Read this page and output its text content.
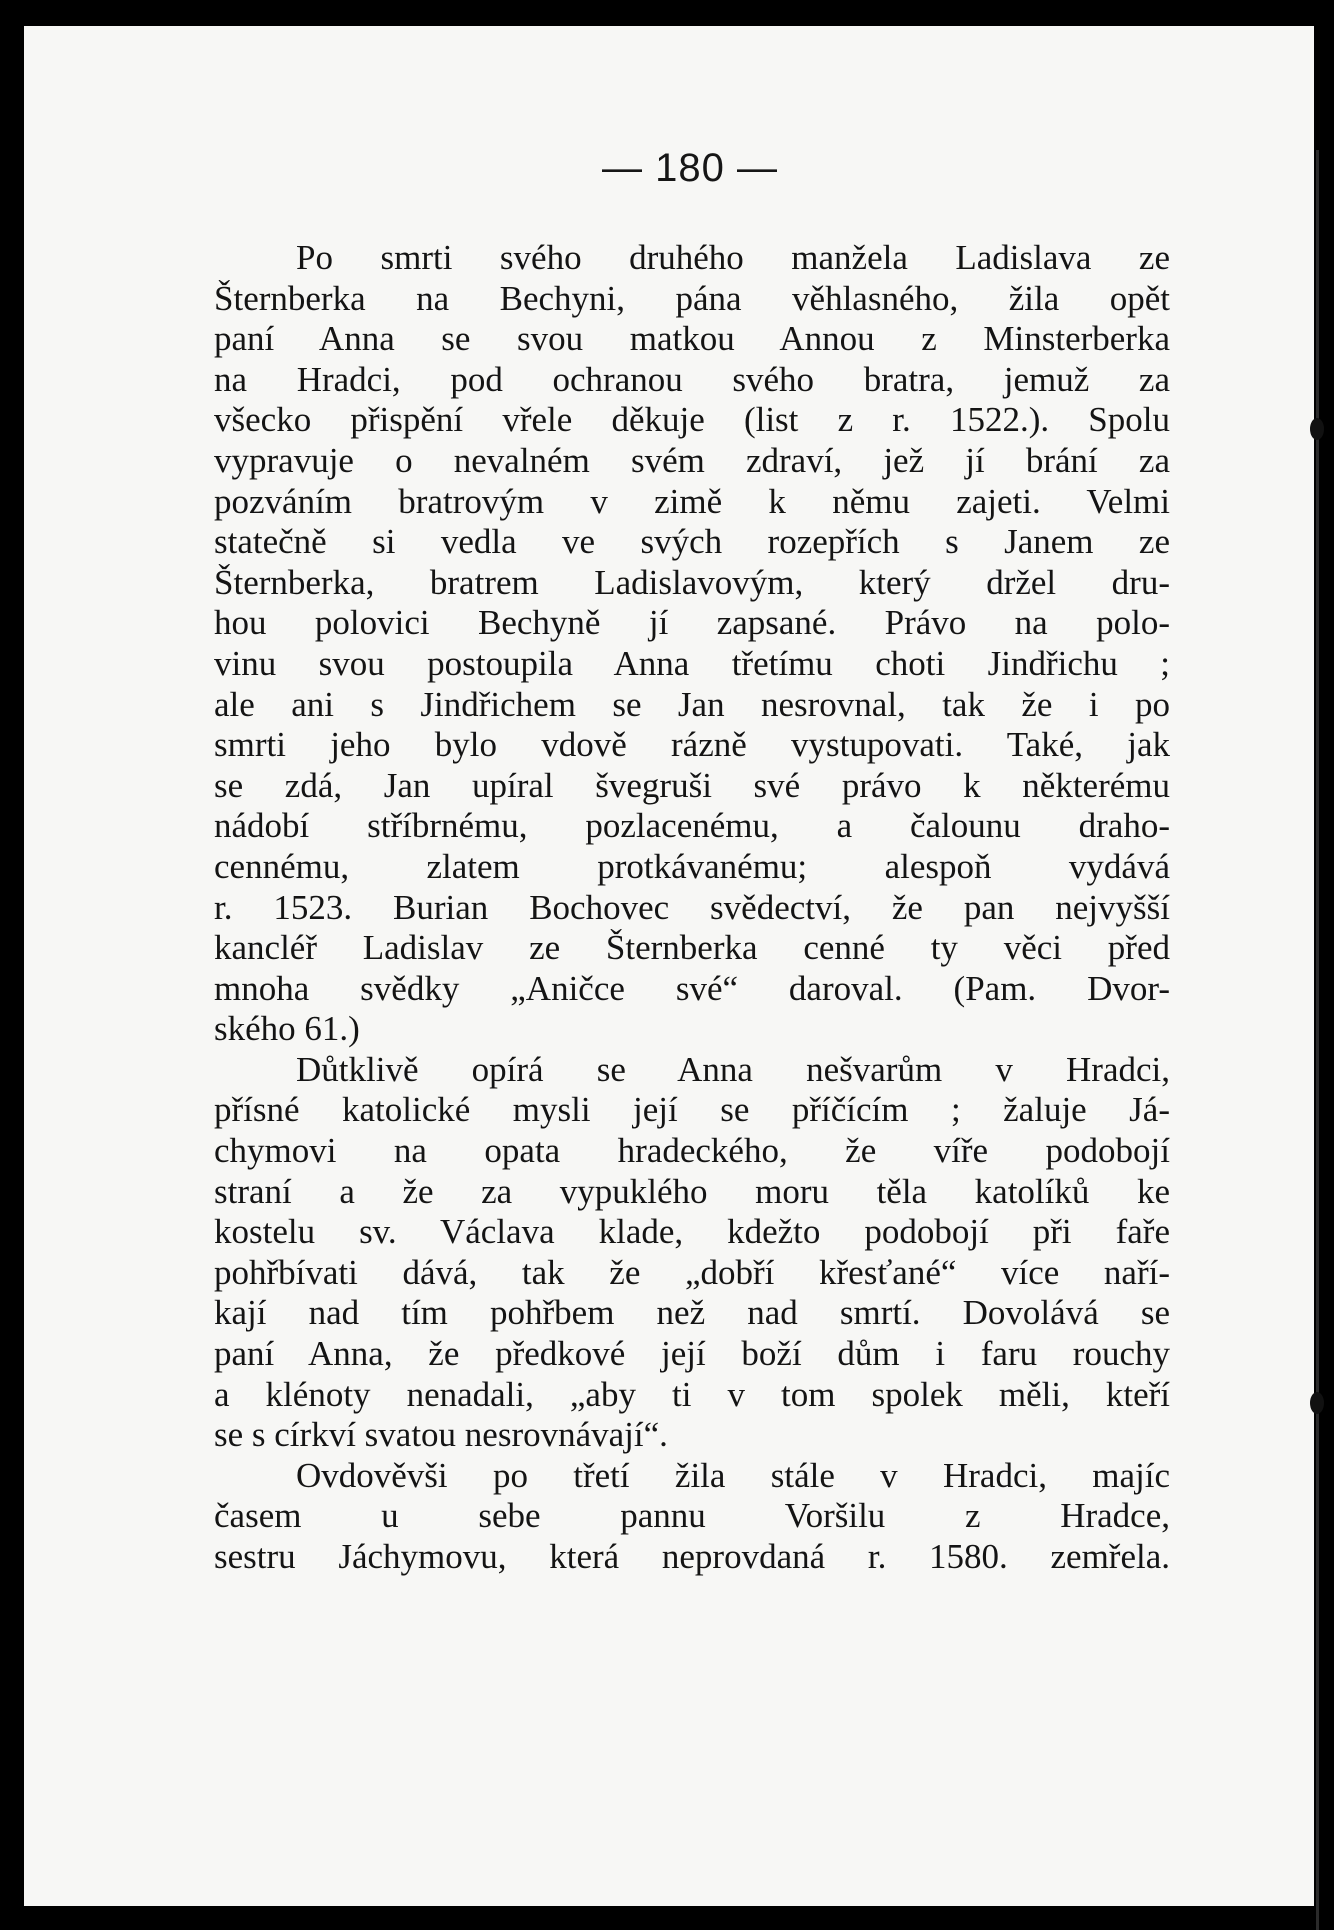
— 180 —
Po smrti svého druhého manžela Ladislava ze
Šternberka na Bechyni, pána věhlasného, žila opět
paní Anna se svou matkou Annou z Minsterberka
na Hradci, pod ochranou svého bratra, jemuž za
všecko přispění vřele děkuje (list z r. 1522.). Spolu
vypravuje o nevalném svém zdraví, jež jí brání za
pozváním bratrovým v zimě k němu zajeti. Velmi
statečně si vedla ve svých rozepřích s Janem ze
Šternberka, bratrem Ladislavovým, který držel dru-
hou polovici Bechyně jí zapsané. Právo na polo-
vinu svou postoupila Anna třetímu choti Jindřichu ;
ale ani s Jindřichem se Jan nesrovnal, tak že i po
smrti jeho bylo vdově rázně vystupovati. Také, jak
se zdá, Jan upíral švegruši své právo k některému
nádobí stříbrnému, pozlacenému, a čalounu draho-
cennému, zlatem protkávanému; alespoň vydává
r. 1523. Burian Bochovec svědectví, že pan nejvyšší
kancléř Ladislav ze Šternberka cenné ty věci před
mnoha svědky „Aničce své“ daroval. (Pam. Dvor-
ského 61.)
Důtklivě opírá se Anna nešvarům v Hradci,
přísné katolické mysli její se příčícím ; žaluje Já-
chymovi na opata hradeckého, že víře podobojí
straní a že za vypuklého moru těla katolíků ke
kostelu sv. Václava klade, kdežto podobojí při faře
pohřbívati dává, tak že „dobří křesťané“ více naří-
kají nad tím pohřbem než nad smrtí. Dovolává se
paní Anna, že předkové její boží dům i faru rouchy
a klénoty nenadali, „aby ti v tom spolek měli, kteří
se s církví svatou nesrovnávají“.
Ovdověvši po třetí žila stále v Hradci, majíc
časem u sebe pannu Voršilu z Hradce,
sestru Jáchymovu, která neprovdaná r. 1580. zemřela.
